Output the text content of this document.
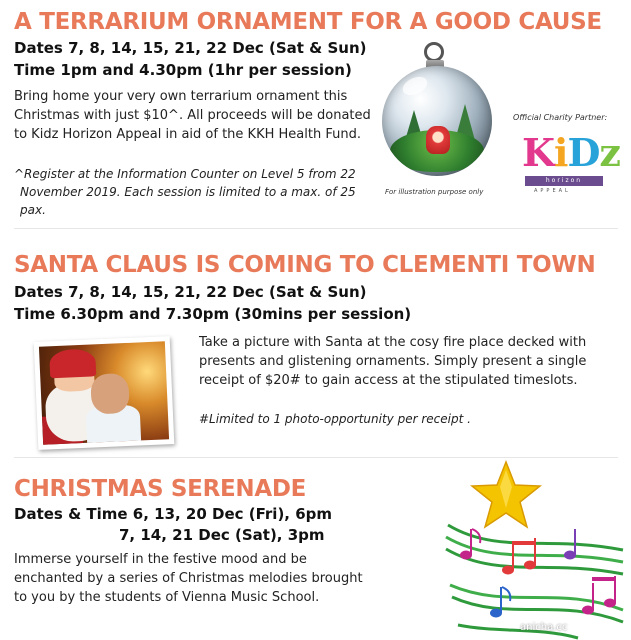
A TERRARIUM ORNAMENT FOR A GOOD CAUSE
Dates 7, 8, 14, 15, 21, 22 Dec (Sat & Sun)
Time 1pm and 4.30pm (1hr per session)
Bring home your very own terrarium ornament this
Christmas with just $10^. All proceeds will be donated
to Kidz Horizon Appeal in aid of the KKH Health Fund.
^Register at the Information Counter on Level 5 from 22
November 2019. Each session is limited to a max. of 25 pax.
For illustration purpose only
Official Charity Partner:
KiDz
horizon
APPEAL
SANTA CLAUS IS COMING TO CLEMENTI TOWN
Dates 7, 8, 14, 15, 21, 22 Dec (Sat & Sun)
Time 6.30pm and 7.30pm (30mins per session)
Take a picture with Santa at the cosy fire place decked with
presents and glistening ornaments. Simply present a single
receipt of $20# to gain access at the stipulated timeslots.
#Limited to 1 photo-opportunity per receipt .
CHRISTMAS SERENADE
Dates & Time 6, 13, 20 Dec (Fri), 6pm
7, 14, 21 Dec (Sat), 3pm
Immerse yourself in the festive mood and be
enchanted by a series of Christmas melodies brought
to you by the students of Vienna Music School.
anicha.cc
